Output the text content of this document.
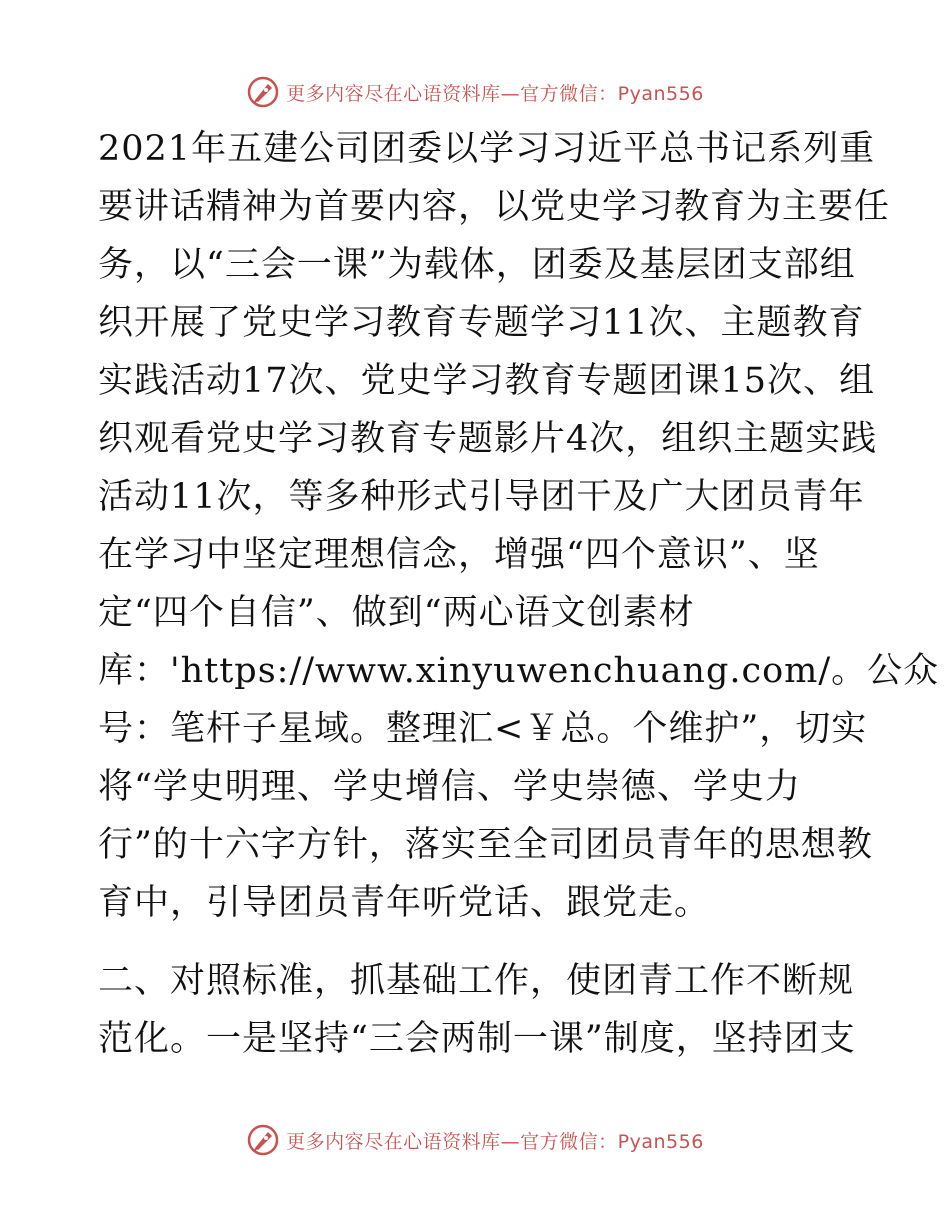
更多内容尽在心语资料库—官方微信：Pyan556
2021年五建公司团委以学习习近平总书记系列重
要讲话精神为首要内容，以党史学习教育为主要任
务，以“三会一课”为载体，团委及基层团支部组
织开展了党史学习教育专题学习11次、主题教育
实践活动17次、党史学习教育专题团课15次、组
织观看党史学习教育专题影片4次，组织主题实践
活动11次，等多种形式引导团干及广大团员青年
在学习中坚定理想信念，增强“四个意识”、坚
定“四个自信”、做到“两心语文创素材
库：'https://www.xinyuwenchuang.com/。公众
号：笔杆子星域。整理汇<￥总。个维护”，切实
将“学史明理、学史增信、学史崇德、学史力
行”的十六字方针，落实至全司团员青年的思想教
育中，引导团员青年听党话、跟党走。
二、对照标准，抓基础工作，使团青工作不断规
范化。一是坚持“三会两制一课”制度，坚持团支
更多内容尽在心语资料库—官方微信：Pyan556
